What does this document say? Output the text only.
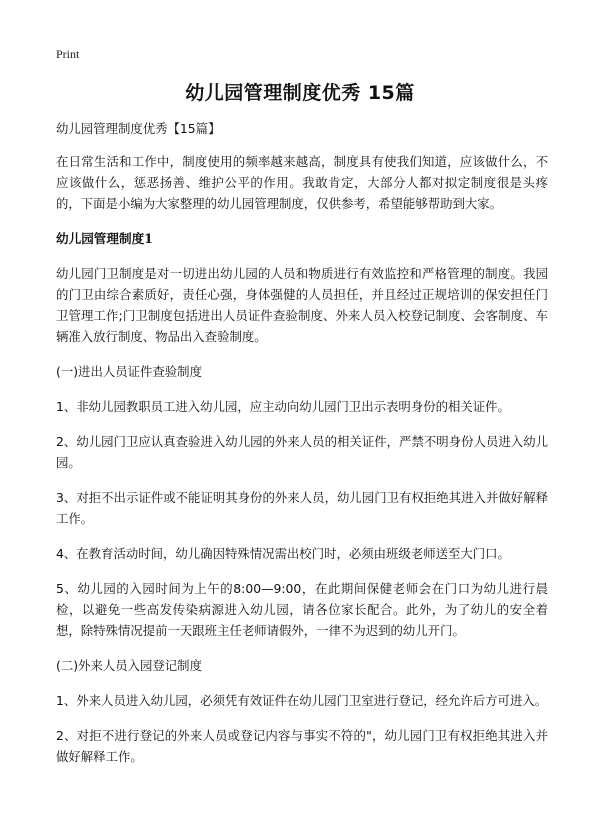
Print
幼儿园管理制度优秀 15篇

幼儿园管理制度优秀【15篇】

在日常生活和工作中，制度使用的频率越来越高，制度具有使我们知道，应该做什么，不应该做什么，惩恶扬善、维护公平的作用。我敢肯定，大部分人都对拟定制度很是头疼的，下面是小编为大家整理的幼儿园管理制度，仅供参考，希望能够帮助到大家。

幼儿园管理制度1

幼儿园门卫制度是对一切进出幼儿园的人员和物质进行有效监控和严格管理的制度。我园的门卫由综合素质好，责任心强，身体强健的人员担任，并且经过正规培训的保安担任门卫管理工作;门卫制度包括进出人员证件查验制度、外来人员入校登记制度、会客制度、车辆准入放行制度、物品出入查验制度。

(一)进出人员证件查验制度

1、非幼儿园教职员工进入幼儿园，应主动向幼儿园门卫出示表明身份的相关证件。

2、幼儿园门卫应认真查验进入幼儿园的外来人员的相关证件，严禁不明身份人员进入幼儿园。

3、对拒不出示证件或不能证明其身份的外来人员，幼儿园门卫有权拒绝其进入并做好解释工作。

4、在教育活动时间，幼儿确因特殊情况需出校门时，必须由班级老师送至大门口。

5、幼儿园的入园时间为上午的8:00—9:00，在此期间保健老师会在门口为幼儿进行晨检，以避免一些高发传染病源进入幼儿园，请各位家长配合。此外，为了幼儿的安全着想，除特殊情况提前一天跟班主任老师请假外，一律不为迟到的幼儿开门。

(二)外来人员入园登记制度

1、外来人员进入幼儿园，必须凭有效证件在幼儿园门卫室进行登记，经允许后方可进入。

2、对拒不进行登记的外来人员或登记内容与事实不符的"，幼儿园门卫有权拒绝其进入并做好解释工作。
